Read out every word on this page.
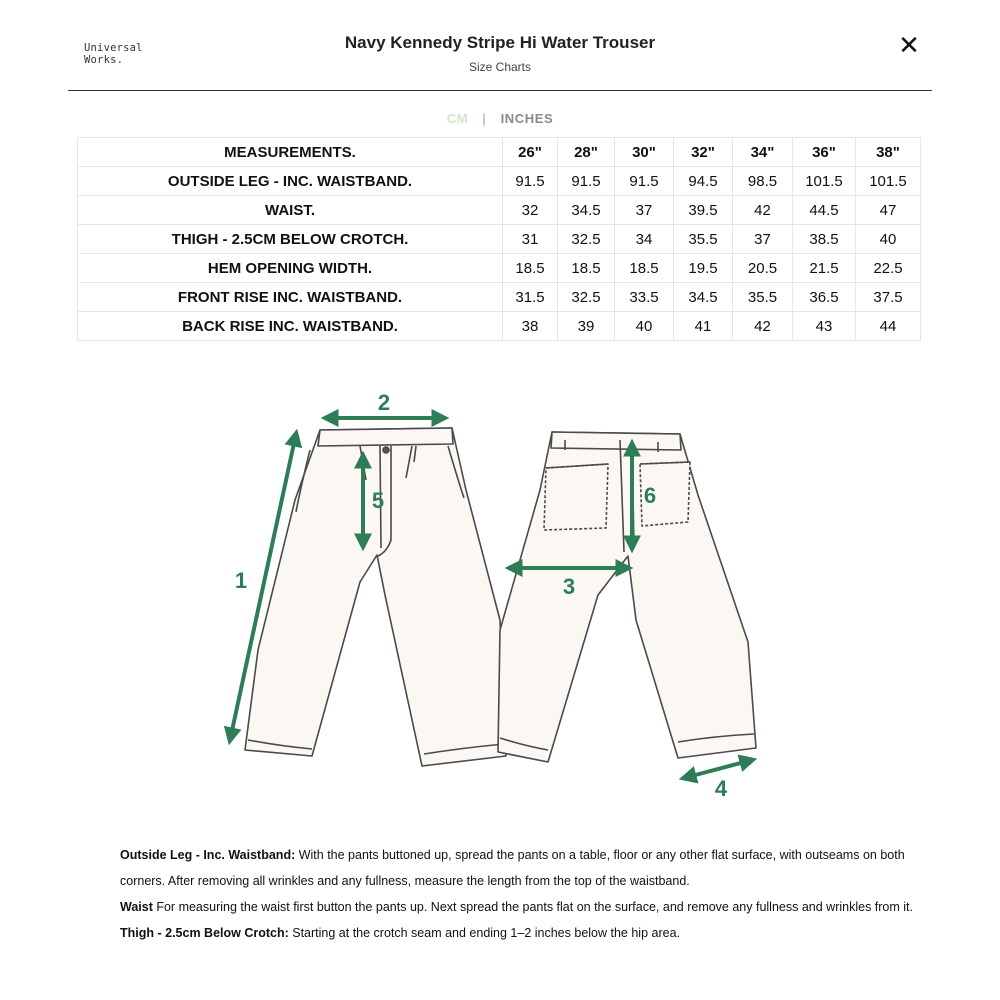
Universal
Works.
Navy Kennedy Stripe Hi Water Trouser
Size Charts
✕
CM | INCHES
MEASUREMENTS.	26"	28"	30"	32"	34"	36"	38"
OUTSIDE LEG - INC. WAISTBAND.	91.5	91.5	91.5	94.5	98.5	101.5	101.5
WAIST.	32	34.5	37	39.5	42	44.5	47
THIGH - 2.5CM BELOW CROTCH.	31	32.5	34	35.5	37	38.5	40
HEM OPENING WIDTH.	18.5	18.5	18.5	19.5	20.5	21.5	22.5
FRONT RISE INC. WAISTBAND.	31.5	32.5	33.5	34.5	35.5	36.5	37.5
BACK RISE INC. WAISTBAND.	38	39	40	41	42	43	44
1
2
3
4
5	6

Outside Leg - Inc. Waistband: With the pants buttoned up, spread the pants on a table, floor or any other flat surface, with outseams on both corners. After removing all wrinkles and any fullness, measure the length from the top of the waistband.

Waist For measuring the waist first button the pants up. Next spread the pants flat on the surface, and remove any fullness and wrinkles from it.

Thigh - 2.5cm Below Crotch: Starting at the crotch seam and ending 1–2 inches below the hip area.
